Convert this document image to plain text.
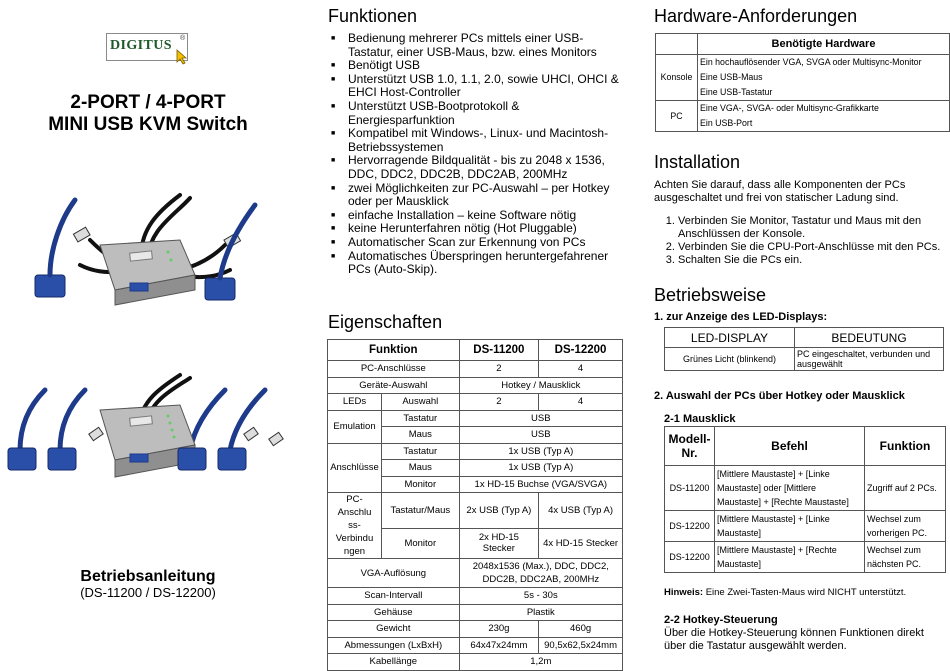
DIGITUS ®
2-PORT / 4-PORT
MINI USB KVM Switch
Betriebsanleitung
(DS-11200 / DS-12200)
Funktionen
■ Bedienung mehrerer PCs mittels einer USB-Tastatur, einer USB-Maus, bzw. eines Monitors
■ Benötigt USB
■ Unterstützt USB 1.0, 1.1, 2.0, sowie UHCI, OHCI & EHCI Host-Controller
■ Unterstützt USB-Bootprotokoll & Energiesparfunktion
■ Kompatibel mit Windows-, Linux- und Macintosh-Betriebssystemen
■ Hervorragende Bildqualität - bis zu 2048 x 1536, DDC, DDC2, DDC2B, DDC2AB, 200MHz
■ zwei Möglichkeiten zur PC-Auswahl – per Hotkey oder per Mausklick
■ einfache Installation – keine Software nötig
■ keine Herunterfahren nötig (Hot Pluggable)
■ Automatischer Scan zur Erkennung von PCs
■ Automatisches Überspringen heruntergefahrener PCs (Auto-Skip).
Eigenschaften
Funktion		DS-11200	DS-12200
PC-Anschlüsse		2	4
Geräte-Auswahl		Hotkey / Mausklick	
LEDs	Auswahl	2	4
Emulation	Tastatur	USB	
	Maus	USB	
Anschlüsse	Tastatur	1x USB (Typ A)	
	Maus	1x USB (Typ A)	
	Monitor	1x HD-15 Buchse (VGA/SVGA)	
PC-Anschlu ss-Verbindu ngen	Tastatur/Maus	2x USB (Typ A)	4x USB (Typ A)
	Monitor	2x HD-15 Stecker	4x HD-15 Stecker
VGA-Auflösung		2048x1536 (Max.), DDC, DDC2, DDC2B, DDC2AB, 200MHz	
Scan-Intervall		5s - 30s	
Gehäuse		Plastik	
Gewicht		230g	460g
Abmessungen (LxBxH)		64x47x24mm	90,5x62,5x24mm
Kabellänge		1,2m	
Hardware-Anforderungen
	Benötigte Hardware
Konsole	Ein hochauflösender VGA, SVGA oder Multisync-Monitor
Eine USB-Maus
Eine USB-Tastatur

PC	Eine VGA-, SVGA- oder Multisync-Grafikkarte
Ein USB-Port
Installation

Achten Sie darauf, dass alle Komponenten der PCs ausgeschaltet und frei von statischer Ladung sind.

1. Verbinden Sie Monitor, Tastatur und Maus mit den Anschlüssen der Konsole.
2. Verbinden Sie die CPU-Port-Anschlüsse mit den PCs.
3. Schalten Sie die PCs ein.
Betriebsweise

1. zur Anzeige des LED-Displays:

LED-DISPLAY	BEDEUTUNG
Grünes Licht (blinkend)	PC eingeschaltet, verbunden und ausgewählt

2. Auswahl der PCs über Hotkey oder Mausklick

2-1 Mausklick

Modell-Nr.	Befehl	Funktion
DS-11200	[Mittlere Maustaste] + [Linke Maustaste] oder [Mittlere Maustaste] + [Rechte Maustaste]	Zugriff auf 2 PCs.
DS-12200	[Mittlere Maustaste] + [Linke Maustaste]	Wechsel zum vorherigen PC.
DS-12200	[Mittlere Maustaste] + [Rechte Maustaste]	Wechsel zum nächsten PC.

Hinweis: Eine Zwei-Tasten-Maus wird NICHT unterstützt.

2-2 Hotkey-Steuerung

Über die Hotkey-Steuerung können Funktionen direkt über die Tastatur ausgewählt werden.
